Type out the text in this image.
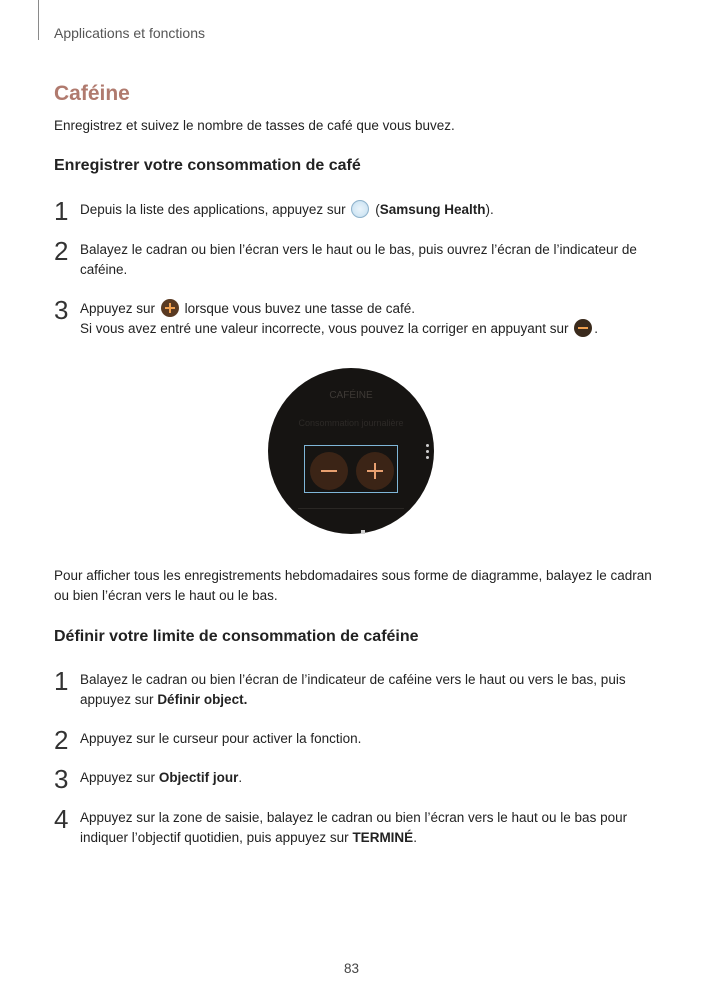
Applications et fonctions
Caféine
Enregistrez et suivez le nombre de tasses de café que vous buvez.
Enregistrer votre consommation de café
1 Depuis la liste des applications, appuyez sur (Samsung Health).
2 Balayez le cadran ou bien l’écran vers le haut ou le bas, puis ouvrez l’écran de l’indicateur de caféine.
3 Appuyez sur lorsque vous buvez une tasse de café.
Si vous avez entré une valeur incorrecte, vous pouvez la corriger en appuyant sur .
CAFÉINE
Consommation journalière
Pour afficher tous les enregistrements hebdomadaires sous forme de diagramme, balayez le cadran ou bien l’écran vers le haut ou le bas.
Définir votre limite de consommation de caféine
1 Balayez le cadran ou bien l’écran de l’indicateur de caféine vers le haut ou vers le bas, puis appuyez sur Définir object.
2 Appuyez sur le curseur pour activer la fonction.
3 Appuyez sur Objectif jour.
4 Appuyez sur la zone de saisie, balayez le cadran ou bien l’écran vers le haut ou le bas pour indiquer l’objectif quotidien, puis appuyez sur TERMINÉ.
83
